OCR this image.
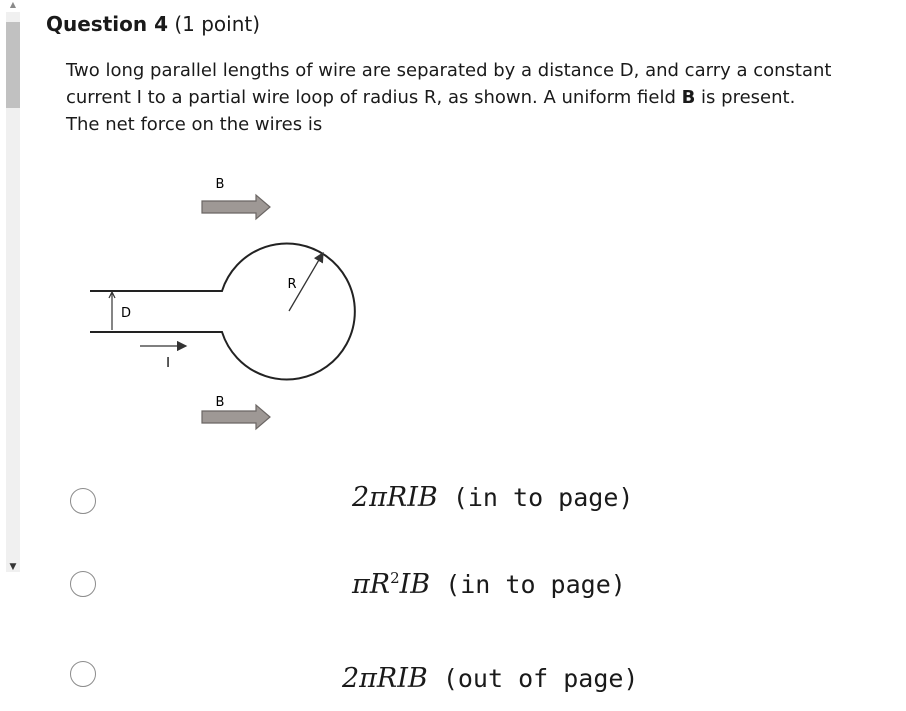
▲
▼
Question 4 (1 point)
Two long parallel lengths of wire are separated by a distance D, and carry a constant
current I to a partial wire loop of radius R, as shown. A uniform field B is present.
The net force on the wires is
B
R
D
I
B
2πRIB (in to page)
$\pi R^2IB$ (in to page)
2πRIB (out of page)
